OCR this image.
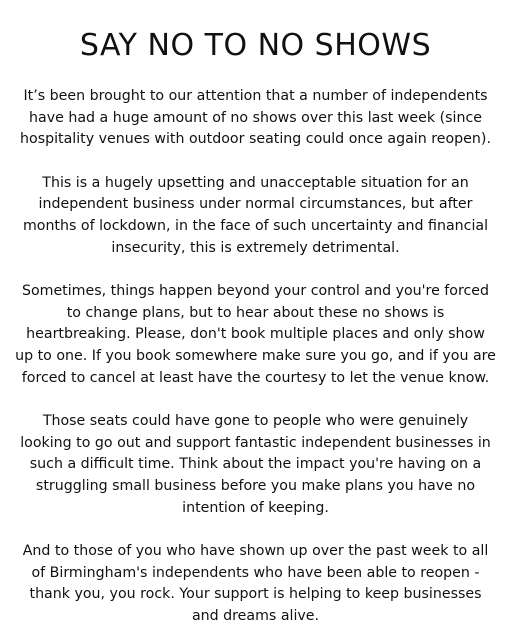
SAY NO TO NO SHOWS

It’s been brought to our attention that a number of independents
have had a huge amount of no shows over this last week (since
hospitality venues with outdoor seating could once again reopen).

This is a hugely upsetting and unacceptable situation for an
independent business under normal circumstances, but after
months of lockdown, in the face of such uncertainty and financial
insecurity, this is extremely detrimental.

Sometimes, things happen beyond your control and you're forced
to change plans, but to hear about these no shows is
heartbreaking. Please, don't book multiple places and only show
up to one. If you book somewhere make sure you go, and if you are
forced to cancel at least have the courtesy to let the venue know.

Those seats could have gone to people who were genuinely
looking to go out and support fantastic independent businesses in
such a difficult time. Think about the impact you're having on a
struggling small business before you make plans you have no
intention of keeping.

And to those of you who have shown up over the past week to all
of Birmingham's independents who have been able to reopen -
thank you, you rock. Your support is helping to keep businesses
and dreams alive.
